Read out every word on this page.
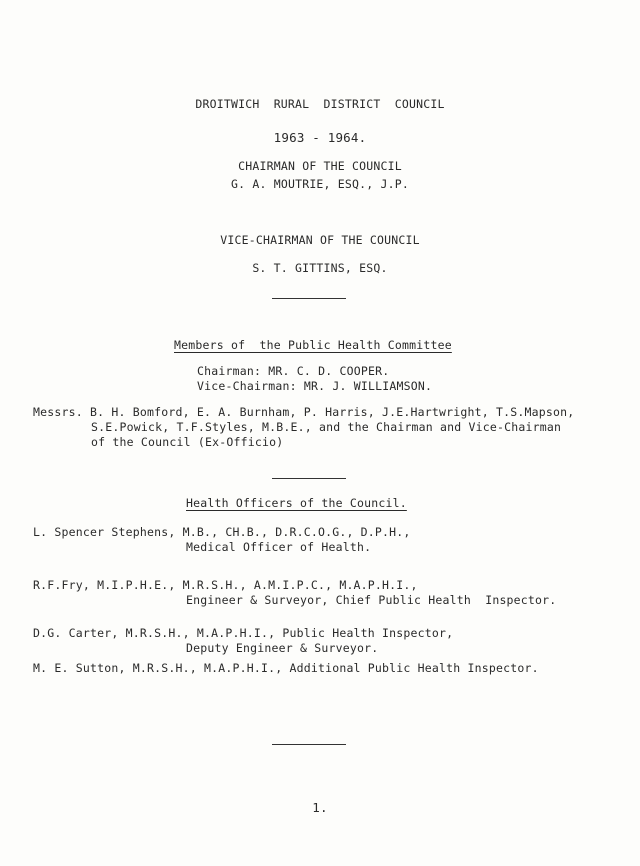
DROITWICH  RURAL  DISTRICT  COUNCIL
1963 - 1964.
CHAIRMAN OF THE COUNCIL
G. A. MOUTRIE, ESQ., J.P.
VICE-CHAIRMAN OF THE COUNCIL
S. T. GITTINS, ESQ.
Members of  the Public Health Committee
Chairman: MR. C. D. COOPER.
Vice-Chairman: MR. J. WILLIAMSON.
Messrs. B. H. Bomford, E. A. Burnham, P. Harris, J.E.Hartwright, T.S.Mapson,
S.E.Powick, T.F.Styles, M.B.E., and the Chairman and Vice-Chairman
of the Council (Ex-Officio)
Health Officers of the Council.
L. Spencer Stephens, M.B., CH.B., D.R.C.O.G., D.P.H.,
Medical Officer of Health.
R.F.Fry, M.I.P.H.E., M.R.S.H., A.M.I.P.C., M.A.P.H.I.,
Engineer & Surveyor, Chief Public Health  Inspector.
D.G. Carter, M.R.S.H., M.A.P.H.I., Public Health Inspector,
Deputy Engineer & Surveyor.
M. E. Sutton, M.R.S.H., M.A.P.H.I., Additional Public Health Inspector.
1.
